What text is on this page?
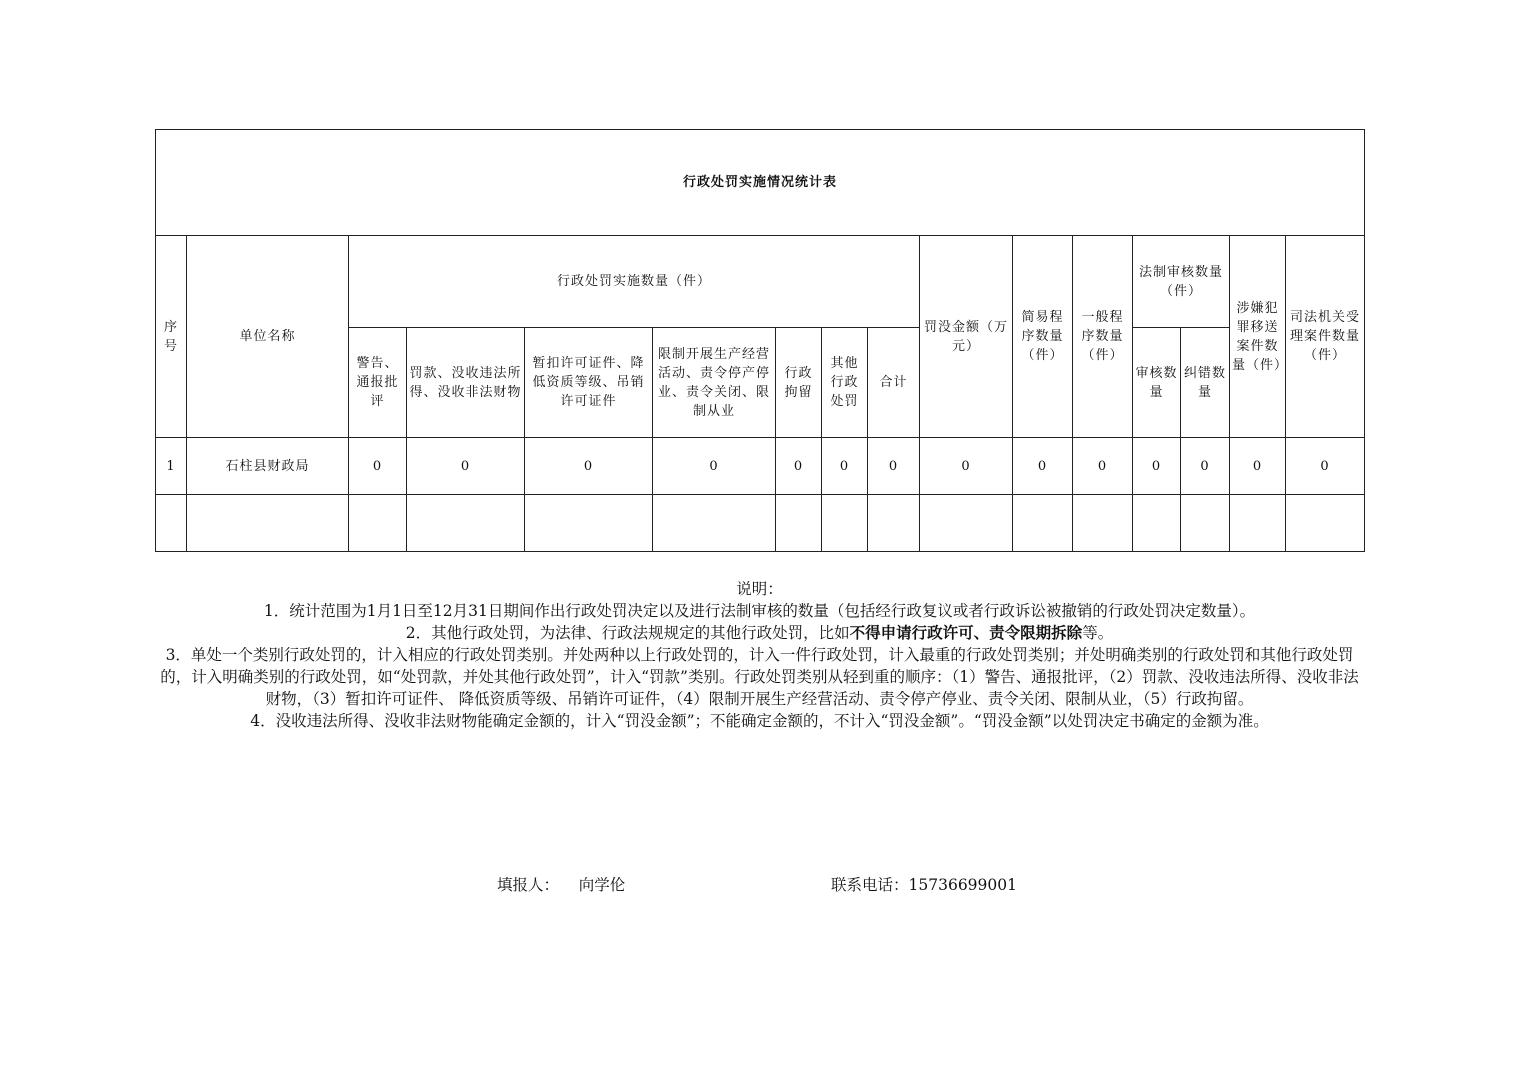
行政处罚实施情况统计表															
序号	单位名称	行政处罚实施数量（件）							罚没金额（万元）	简易程序数量（件）	一般程序数量（件）	法制审核数量（件）		涉嫌犯罪移送案件数量（件）	司法机关受理案件数量（件）
		警告、通报批评	罚款、没收违法所得、没收非法财物	暂扣许可证件、降低资质等级、吊销许可证件	限制开展生产经营活动、责令停产停业、责令关闭、限制从业	行政拘留	其他行政处罚	合计				审核数量	纠错数量		
1	石柱县财政局	0	0	0	0	0	0	0	0	0	0	0	0	0	0

说明：
1．统计范围为1月1日至12月31日期间作出行政处罚决定以及进行法制审核的数量（包括经行政复议或者行政诉讼被撤销的行政处罚决定数量）。
2．其他行政处罚，为法律、行政法规规定的其他行政处罚，比如不得申请行政许可、责令限期拆除等。
3．单处一个类别行政处罚的，计入相应的行政处罚类别。并处两种以上行政处罚的，计入一件行政处罚，计入最重的行政处罚类别；并处明确类别的行政处罚和其他行政处罚的，计入明确类别的行政处罚，如“处罚款，并处其他行政处罚”，计入“罚款”类别。行政处罚类别从轻到重的顺序：（1）警告、通报批评，（2）罚款、没收违法所得、没收非法财物，（3）暂扣许可证件、 降低资质等级、吊销许可证件，（4）限制开展生产经营活动、责令停产停业、责令关闭、限制从业，（5）行政拘留。
4．没收违法所得、没收非法财物能确定金额的，计入“罚没金额”；不能确定金额的，不计入“罚没金额”。“罚没金额”以处罚决定书确定的金额为准。
填报人： 向学伦	联系电话：15736699001
